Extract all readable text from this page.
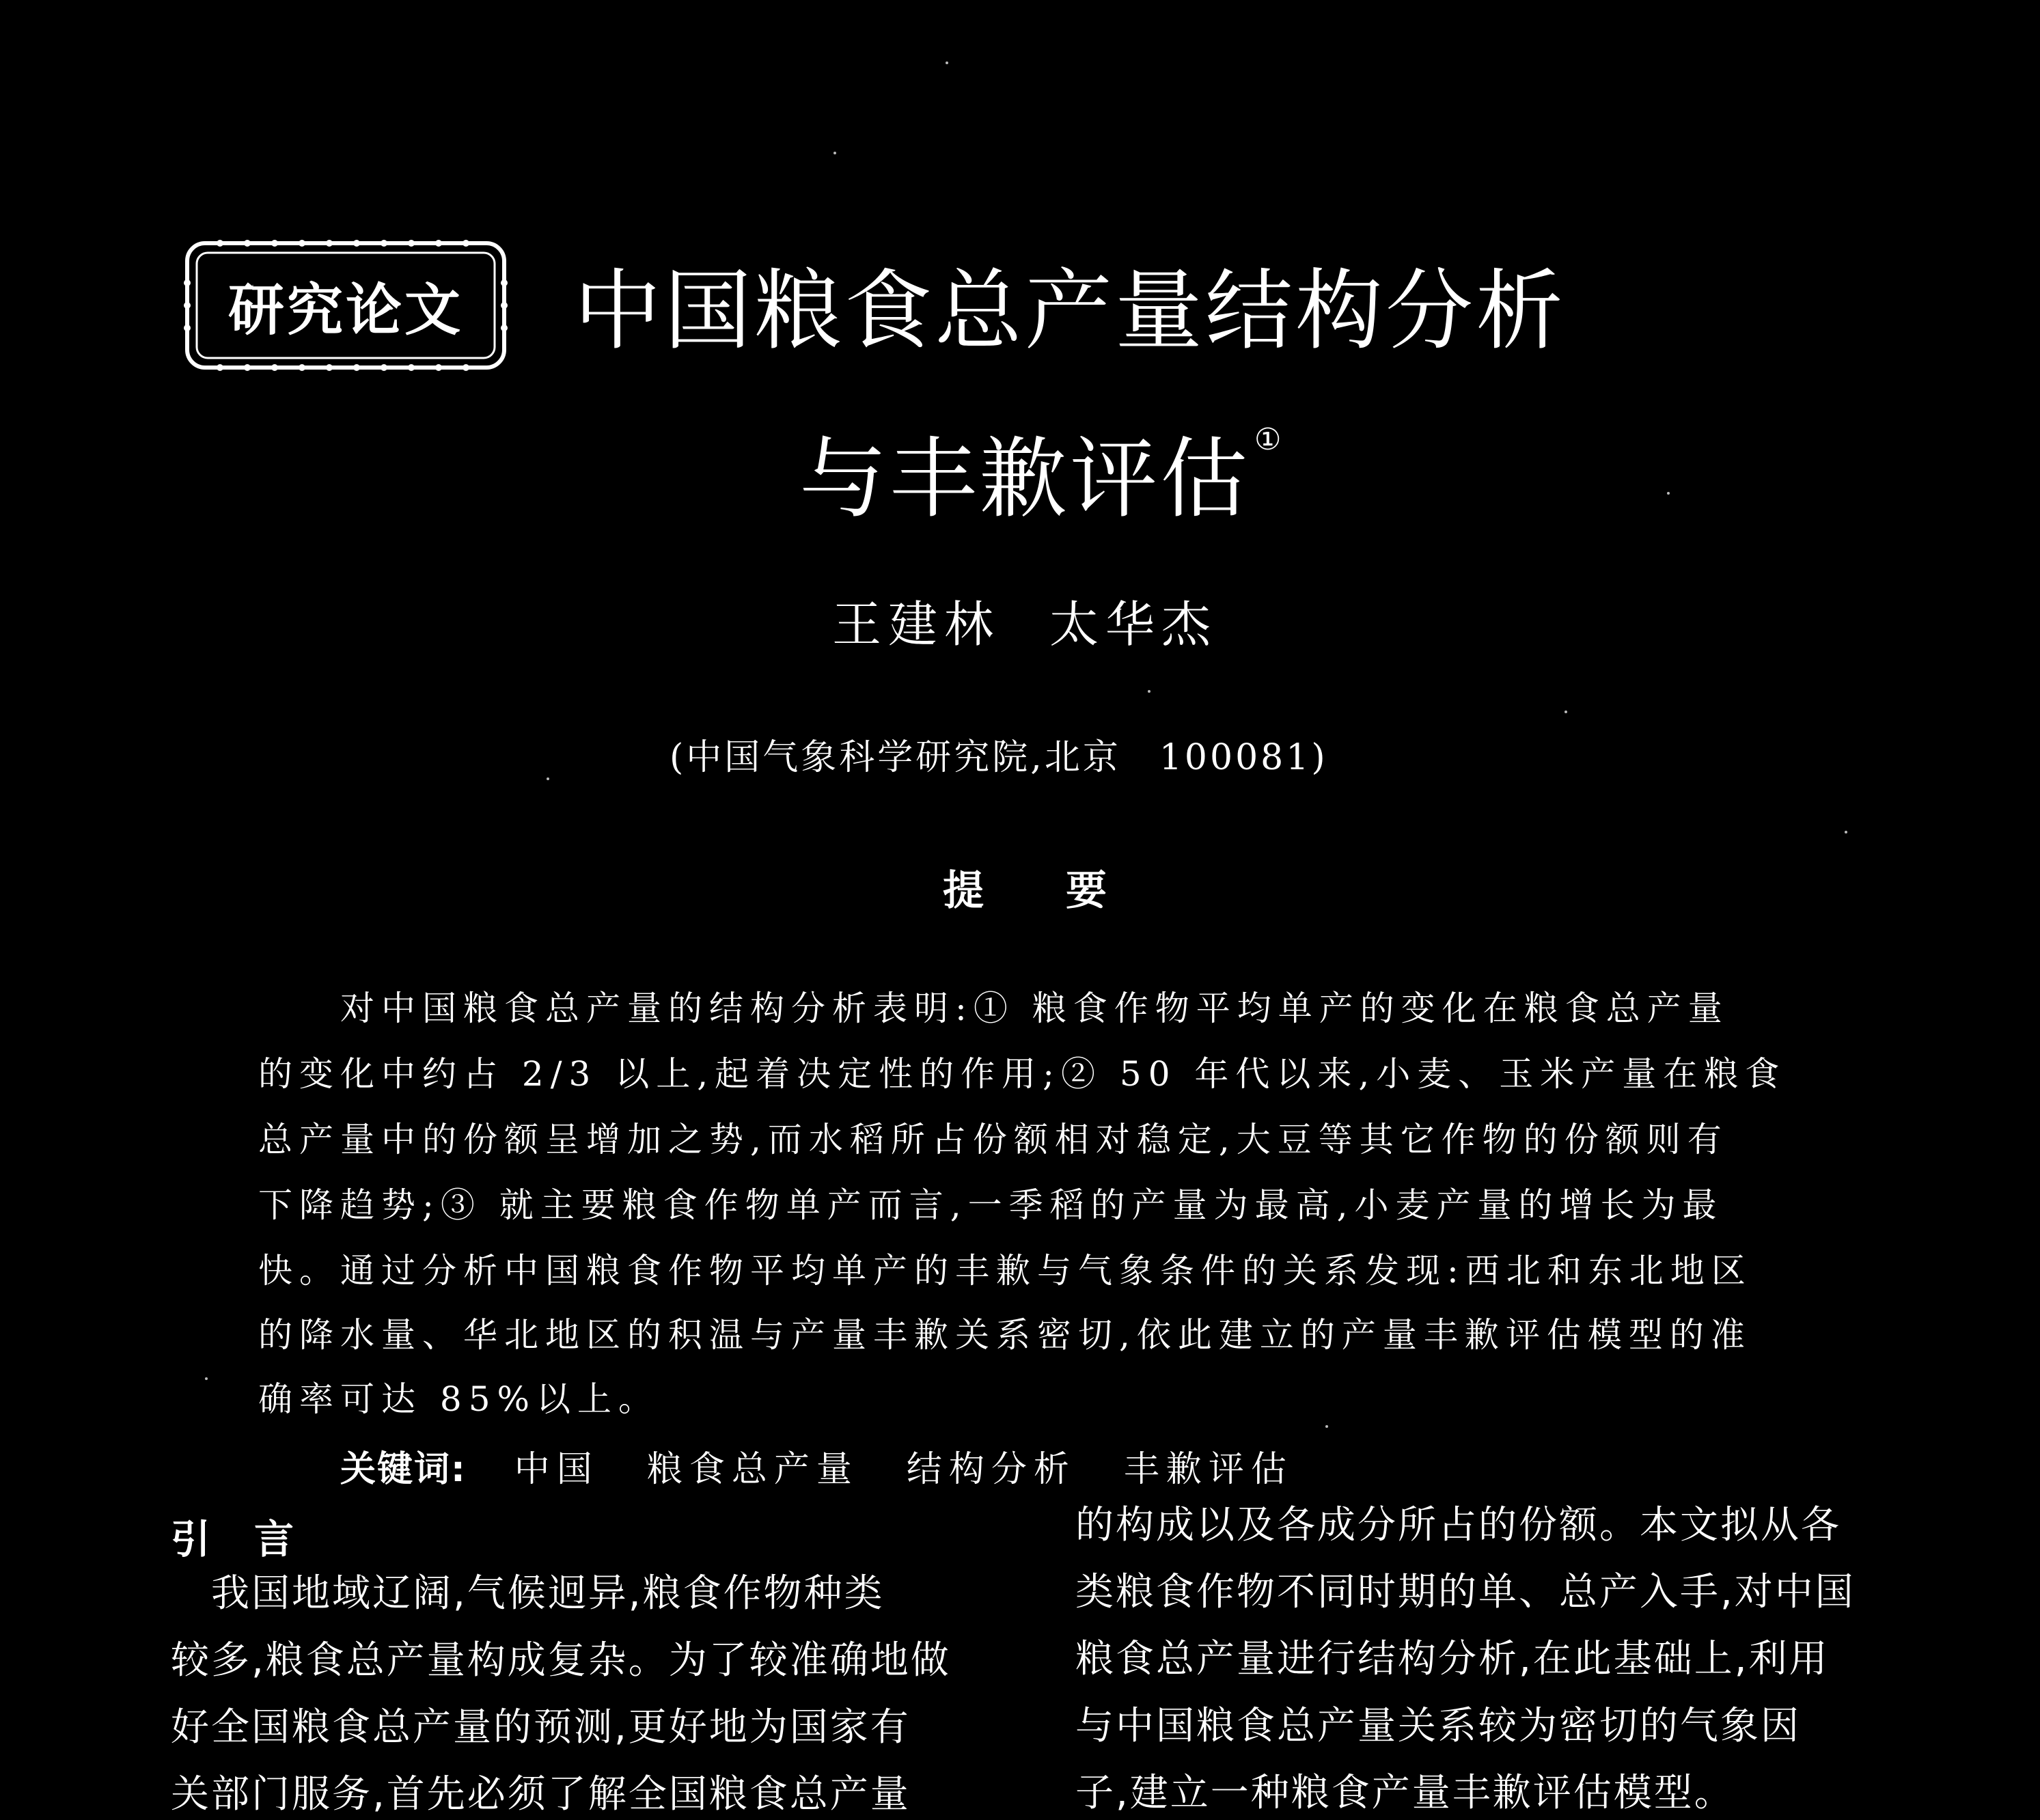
研究论文	中国粮食总产量结构分析
与丰歉评估 ①
王建林 太华杰
(中国气象科学研究院,北京　100081)
提要
对中国粮食总产量的结构分析表明:① 粮食作物平均单产的变化在粮食总产量
的变化中约占 2/3 以上,起着决定性的作用;② 50 年代以来,小麦、玉米产量在粮食
总产量中的份额呈增加之势,而水稻所占份额相对稳定,大豆等其它作物的份额则有
下降趋势;③ 就主要粮食作物单产而言,一季稻的产量为最高,小麦产量的增长为最
快。通过分析中国粮食作物平均单产的丰歉与气象条件的关系发现:西北和东北地区
的降水量、华北地区的积温与产量丰歉关系密切,依此建立的产量丰歉评估模型的准
确率可达 85%以上。
关键词: 中国 粮食总产量 结构分析 丰歉评估
引言
　我国地域辽阔,气候迥异,粮食作物种类
较多,粮食总产量构成复杂。为了较准确地做
好全国粮食总产量的预测,更好地为国家有
关部门服务,首先必须了解全国粮食总产量
的构成以及各成分所占的份额。本文拟从各
类粮食作物不同时期的单、总产入手,对中国
粮食总产量进行结构分析,在此基础上,利用
与中国粮食总产量关系较为密切的气象因
子,建立一种粮食产量丰歉评估模型。
